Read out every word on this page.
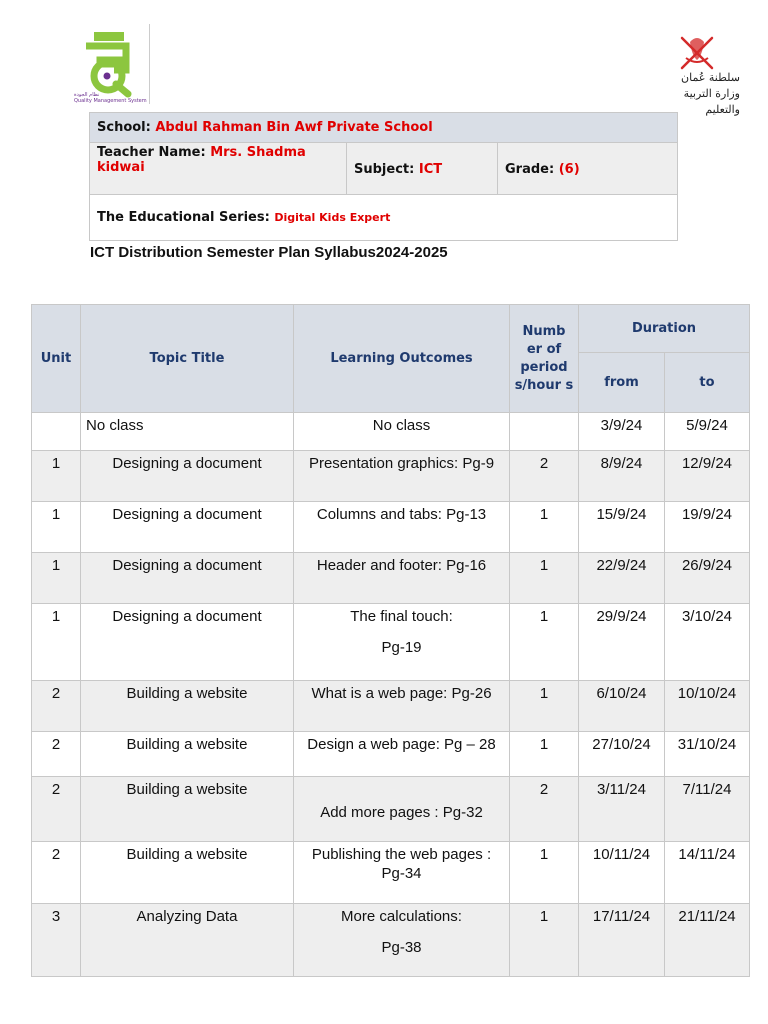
نظام الجودة
Quality Management System
سلطنة عُمان
وزارة التربية والتعليم
School: Abdul Rahman Bin Awf Private School
Teacher Name: Mrs. Shadma kidwai	Subject: ICT	Grade: (6)
The Educational Series: Digital Kids Expert
ICT Distribution Semester Plan Syllabus2024-2025
Unit	Topic Title	Learning Outcomes	Numb er of period s/hour s	Duration	
				from	to
	No class	No class		3/9/24	5/9/24
1	Designing a document	Presentation graphics: Pg-9	2	8/9/24	12/9/24
1	Designing a document	Columns and tabs: Pg-13	1	15/9/24	19/9/24
1	Designing a document	Header and footer: Pg-16	1	22/9/24	26/9/24
1	Designing a document	The final touch:
Pg-19	1	29/9/24	3/10/24
2	Building a website	What is a web page: Pg-26	1	6/10/24	10/10/24
2	Building a website	Design a web page: Pg – 28	1	27/10/24	31/10/24
2	Building a website	Add more pages : Pg-32	2	3/11/24	7/11/24
2	Building a website	Publishing the web pages :
Pg-34	1	10/11/24	14/11/24
3	Analyzing Data	More calculations:
Pg-38	1	17/11/24	21/11/24
